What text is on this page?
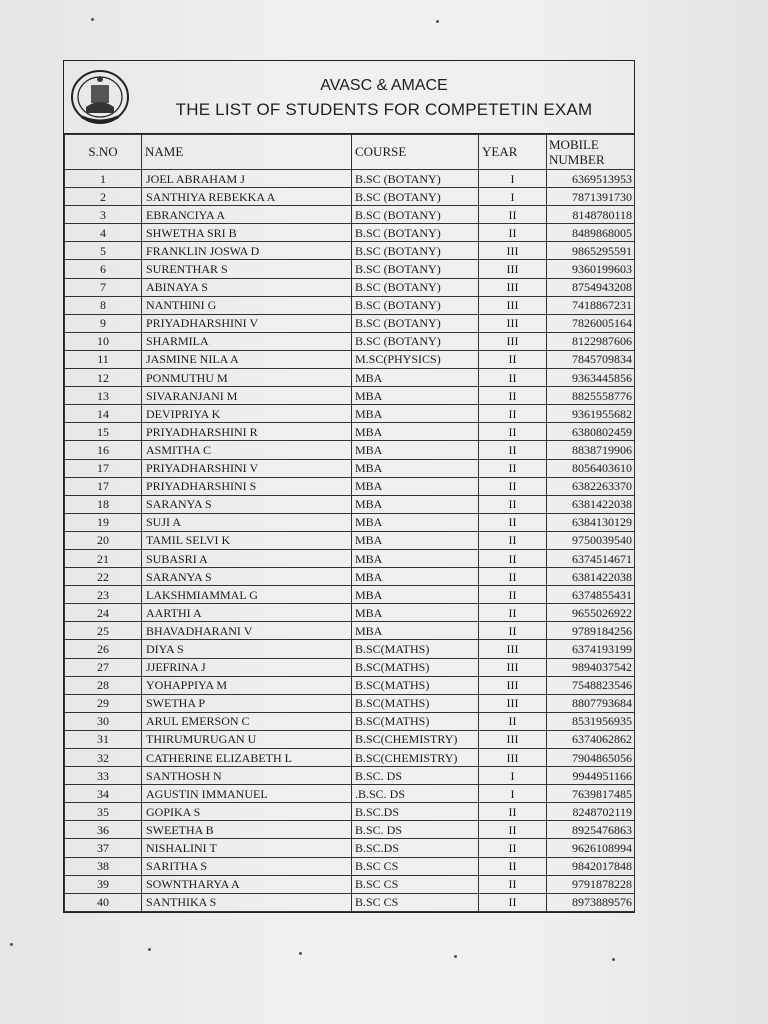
AVASC & AMACE
THE LIST OF STUDENTS FOR COMPETETIN EXAM
S.NO	NAME	COURSE	YEAR	MOBILE
NUMBER
1	JOEL ABRAHAM J	B.SC (BOTANY)	I	6369513953
2	SANTHIYA REBEKKA A	B.SC (BOTANY)	I	7871391730
3	EBRANCIYA A	B.SC (BOTANY)	II	8148780118
4	SHWETHA SRI B	B.SC (BOTANY)	II	8489868005
5	FRANKLIN JOSWA D	B.SC (BOTANY)	III	9865295591
6	SURENTHAR S	B.SC (BOTANY)	III	9360199603
7	ABINAYA S	B.SC (BOTANY)	III	8754943208
8	NANTHINI G	B.SC (BOTANY)	III	7418867231
9	PRIYADHARSHINI V	B.SC (BOTANY)	III	7826005164
10	SHARMILA	B.SC (BOTANY)	III	8122987606
11	JASMINE NILA A	M.SC(PHYSICS)	II	7845709834
12	PONMUTHU M	MBA	II	9363445856
13	SIVARANJANI M	MBA	II	8825558776
14	DEVIPRIYA K	MBA	II	9361955682
15	PRIYADHARSHINI R	MBA	II	6380802459
16	ASMITHA C	MBA	II	8838719906
17	PRIYADHARSHINI V	MBA	II	8056403610
17	PRIYADHARSHINI S	MBA	II	6382263370
18	SARANYA S	MBA	II	6381422038
19	SUJI A	MBA	II	6384130129
20	TAMIL SELVI K	MBA	II	9750039540
21	SUBASRI A	MBA	II	6374514671
22	SARANYA S	MBA	II	6381422038
23	LAKSHMIAMMAL G	MBA	II	6374855431
24	AARTHI A	MBA	II	9655026922
25	BHAVADHARANI V	MBA	II	9789184256
26	DIYA S	B.SC(MATHS)	III	6374193199
27	JJEFRINA J	B.SC(MATHS)	III	9894037542
28	YOHAPPIYA M	B.SC(MATHS)	III	7548823546
29	SWETHA P	B.SC(MATHS)	III	8807793684
30	ARUL EMERSON C	B.SC(MATHS)	II	8531956935
31	THIRUMURUGAN U	B.SC(CHEMISTRY)	III	6374062862
32	CATHERINE ELIZABETH L	B.SC(CHEMISTRY)	III	7904865056
33	SANTHOSH N	B.SC. DS	I	9944951166
34	AGUSTIN IMMANUEL	.B.SC. DS	I	7639817485
35	GOPIKA S	B.SC.DS	II	8248702119
36	SWEETHA B	B.SC. DS	II	8925476863
37	NISHALINI T	B.SC.DS	II	9626108994
38	SARITHA S	B.SC CS	II	9842017848
39	SOWNTHARYA A	B.SC CS	II	9791878228
40	SANTHIKA S	B.SC CS	II	8973889576
